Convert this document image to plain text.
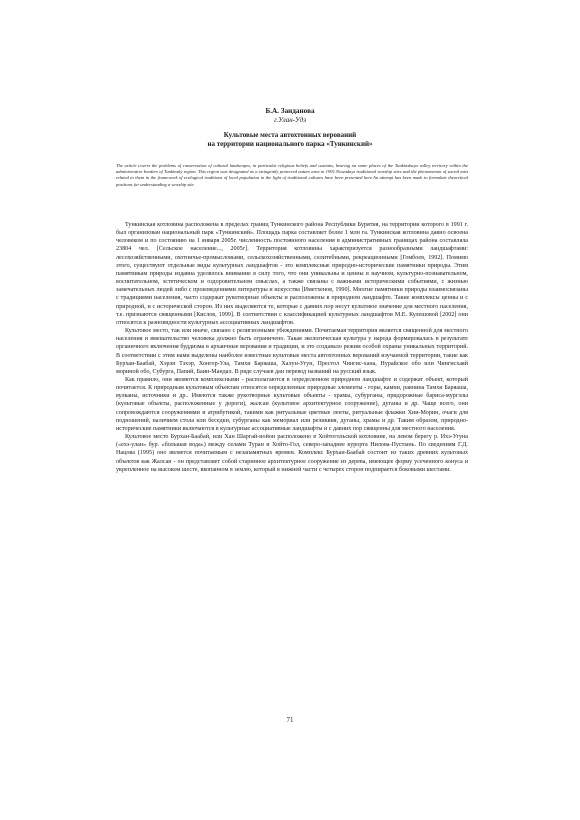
Б.А. Занданова
г.Улан-Удэ
Культовые места автохтонных верований
на территории национального парка «Тункинский»
The article covers the problems of conservation of cultural landscapes, in particular religious beliefs and customs, bearing on some places of the Tunkinskaya valley territory within the administrative borders of Tunkinsky region. This region was designated as a stringently protected nature area in 1991.Nowadays traditional worship sites and the phenomenon of sacral mist related to them in the framework of ecological traditions of local population in the light of traditional cultures have been presented here.An attempt has been made to formulate theoretical positions for understanding a worship site.

Тункинская котловина расположена в пределах границ Тункинского района Республики Бурятия, на территории которого в 1991 г. был организован национальный парк «Тункинский». Площадь парка составляет более 1 млн га. Тункинская котловина давно освоена человеком и по состоянию на 1 января 2005г. численность постоянного населения в административных границах района составляла 23804 чел. [Сельское население..., 2005г]. Территория котловины характеризуется разнообразными ландшафтами: лесохозяйственными, охотничье-промысловыми, сельскохозяйственными, селитебными, рекреационными [Гомбоев, 1992]. Помимо этого, существуют отдельные виды культурных ландшафтов - это комплексные природно-исторические памятники природы. Этим памятникам природы издавна уделялось внимание в силу того, что они уникальны и ценны в научном, культурно-познавательном, воспитательном, эстетическом и оздоровительном смыслах, а также связаны с важными историческими событиями, с жизнью замечательных людей либо с произведениями литературы и искусства [Иметхенов, 1990]. Многие памятники природы взаимосвязаны с традициями населения, часто содержат рукотворные объекты и расположены в природном ландшафте. Такие комплексы ценны и с природной, и с исторической сторон. Из них выделяются те, которые с давних пор несут культовое значение для местного населения, т.е. признаются священными [Кислов, 1999]. В соответствии с классификацией культурных ландшафтов М.Е. Кулешовой [2002] они относятся к разновидности культурных ассоциативных ландшафтов.

Культовое место, так или иначе, связано с религиозными убеждениями. Почитаемая территория является священной для местного населения и вмешательство человека должно быть ограничено. Такая экологическая культура у народа формировалась в результате органичного включения буддизма в архаичные верования и традиции, и это создавало режим особой охраны уникальных территорий. В соответствии с этим нами выделены наиболее известные культовые места автохтонных верований изучаемой территории, такие как Бурхан-Баабай, Хэрэн Тэхэр, Хонгор-Ула, Тамхи Баряаша, Халун-Угун, Престол Чингис-хана, Нурайское обо или Чингисхаяй мориной обо, Субурга, Папий, Баин-Мандал. В ряде случаев дан перевод названий на русский язык.

Как правило, они являются комплексными - располагаются в определенном природном ландшафте и содержат объект, который почитается. К природным культовым объектам относятся определенные природные элементы - горы, камни, равнина Тамхи Баряаша, вулканы, источники и др.. Имеются также рукотворные культовые объекты - храмы, субурганы, придорожные бариса-мургэлы (культовые объекты, расположенные у дороги), жалсан (культовое архитектурное сооружение), дуганы и др. Чаще всего, они сопровождаются сооружениями и атрибутикой, такими как ритуальные цветные ленты, ритуальные флажки Хии-Морин, очаги для подношений, наличием стола или беседки, субурганы как мемориал или реликвия, дуганы, храмы и др. Таким образом, природно-исторические памятники включаются в культурные ассоциативные ландшафты и с давних пор священны для местного населения.

Культовое место Бурхан-Баабай, или Хан Шаргай-нойон расположено в Хойтогольской котловине, на левом берегу р. Ихэ-Угуна («ехэ-улан» бур. «большая вода») между селами Туран и Хойто-Гол, северо-западнее курорта Нилова-Пустынь. По сведениям Г.Д. Нацова (1995) оно является почитаемым с незапамятных времен. Комплекс Бурхан-Баабай состоит из таких древних культовых объектов как Жалсан - он представляет собой старинное архитектурное сооружение из дерева, имеющее форму усеченного конуса и укрепленное на высоком шесте, вкопанном в землю, который в нижней части с четырех сторон подпирается боковыми шестами.

71
